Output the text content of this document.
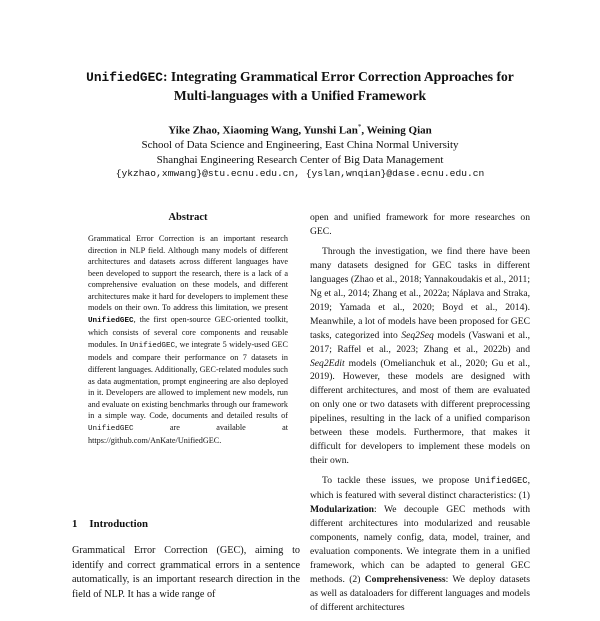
UnifiedGEC: Integrating Grammatical Error Correction Approaches for
Multi-languages with a Unified Framework
Yike Zhao, Xiaoming Wang, Yunshi Lan*, Weining Qian
School of Data Science and Engineering, East China Normal University
Shanghai Engineering Research Center of Big Data Management
{ykzhao,xmwang}@stu.ecnu.edu.cn, {yslan,wnqian}@dase.ecnu.edu.cn
Abstract

Grammatical Error Correction is an important research direction in NLP field. Although many models of different architectures and datasets across different languages have been developed to support the research, there is a lack of a comprehensive evaluation on these models, and different architectures make it hard for developers to implement these models on their own. To address this limitation, we present UnifiedGEC, the first open-source GEC-oriented toolkit, which consists of several core components and reusable modules. In UnifiedGEC, we integrate 5 widely-used GEC models and compare their performance on 7 datasets in different languages. Additionally, GEC-related modules such as data augmentation, prompt engineering are also deployed in it. Developers are allowed to implement new models, run and evaluate on existing benchmarks through our framework in a simple way. Code, documents and detailed results of UnifiedGEC are available at https://github.com/AnKate/UnifiedGEC.

1 Introduction

Grammatical Error Correction (GEC), aiming to identify and correct grammatical errors in a sentence automatically, is an important research direction in the field of NLP. It has a wide range of

open and unified framework for more researches on GEC.

Through the investigation, we find there have been many datasets designed for GEC tasks in different languages (Zhao et al., 2018; Yannakoudakis et al., 2011; Ng et al., 2014; Zhang et al., 2022a; Náplava and Straka, 2019; Yamada et al., 2020; Boyd et al., 2014). Meanwhile, a lot of models have been proposed for GEC tasks, categorized into Seq2Seq models (Vaswani et al., 2017; Raffel et al., 2023; Zhang et al., 2022b) and Seq2Edit models (Omelianchuk et al., 2020; Gu et al., 2019). However, these models are designed with different architectures, and most of them are evaluated on only one or two datasets with different preprocessing pipelines, resulting in the lack of a unified comparison between these models. Furthermore, that makes it difficult for developers to implement these models on their own.

To tackle these issues, we propose UnifiedGEC, which is featured with several distinct characteristics: (1) Modularization: We decouple GEC methods with different architectures into modularized and reusable components, namely config, data, model, trainer, and evaluation components. We integrate them in a unified framework, which can be adapted to general GEC methods. (2) Comprehensiveness: We deploy datasets as well as dataloaders for different languages and models of different architectures
